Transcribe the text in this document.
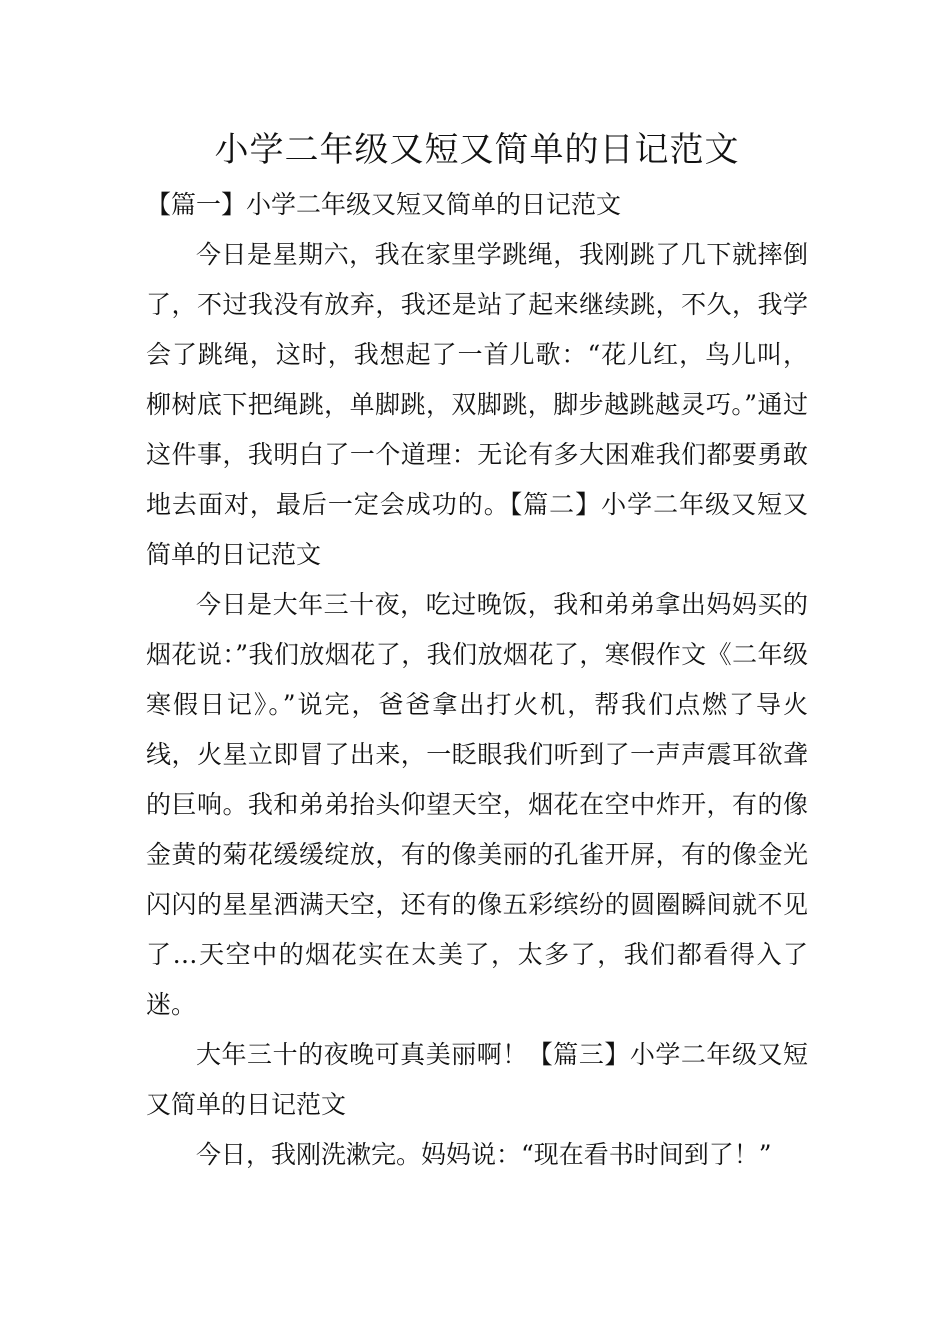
小学二年级又短又简单的日记范文

【篇一】小学二年级又短又简单的日记范文

今日是星期六，我在家里学跳绳，我刚跳了几下就摔倒了，不过我没有放弃，我还是站了起来继续跳，不久，我学会了跳绳，这时，我想起了一首儿歌：“花儿红，鸟儿叫，柳树底下把绳跳，单脚跳，双脚跳，脚步越跳越灵巧。”通过这件事，我明白了一个道理：无论有多大困难我们都要勇敢地去面对，最后一定会成功的。【篇二】小学二年级又短又简单的日记范文

今日是大年三十夜，吃过晚饭，我和弟弟拿出妈妈买的烟花说：”我们放烟花了，我们放烟花了，寒假作文《二年级寒假日记》。”说完，爸爸拿出打火机，帮我们点燃了导火线，火星立即冒了出来，一眨眼我们听到了一声声震耳欲聋的巨响。我和弟弟抬头仰望天空，烟花在空中炸开，有的像金黄的菊花缓缓绽放，有的像美丽的孔雀开屏，有的像金光闪闪的星星洒满天空，还有的像五彩缤纷的圆圈瞬间就不见了…天空中的烟花实在太美了，太多了，我们都看得入了迷。

大年三十的夜晚可真美丽啊！【篇三】小学二年级又短又简单的日记范文

今日，我刚洗漱完。妈妈说：“现在看书时间到了！”
